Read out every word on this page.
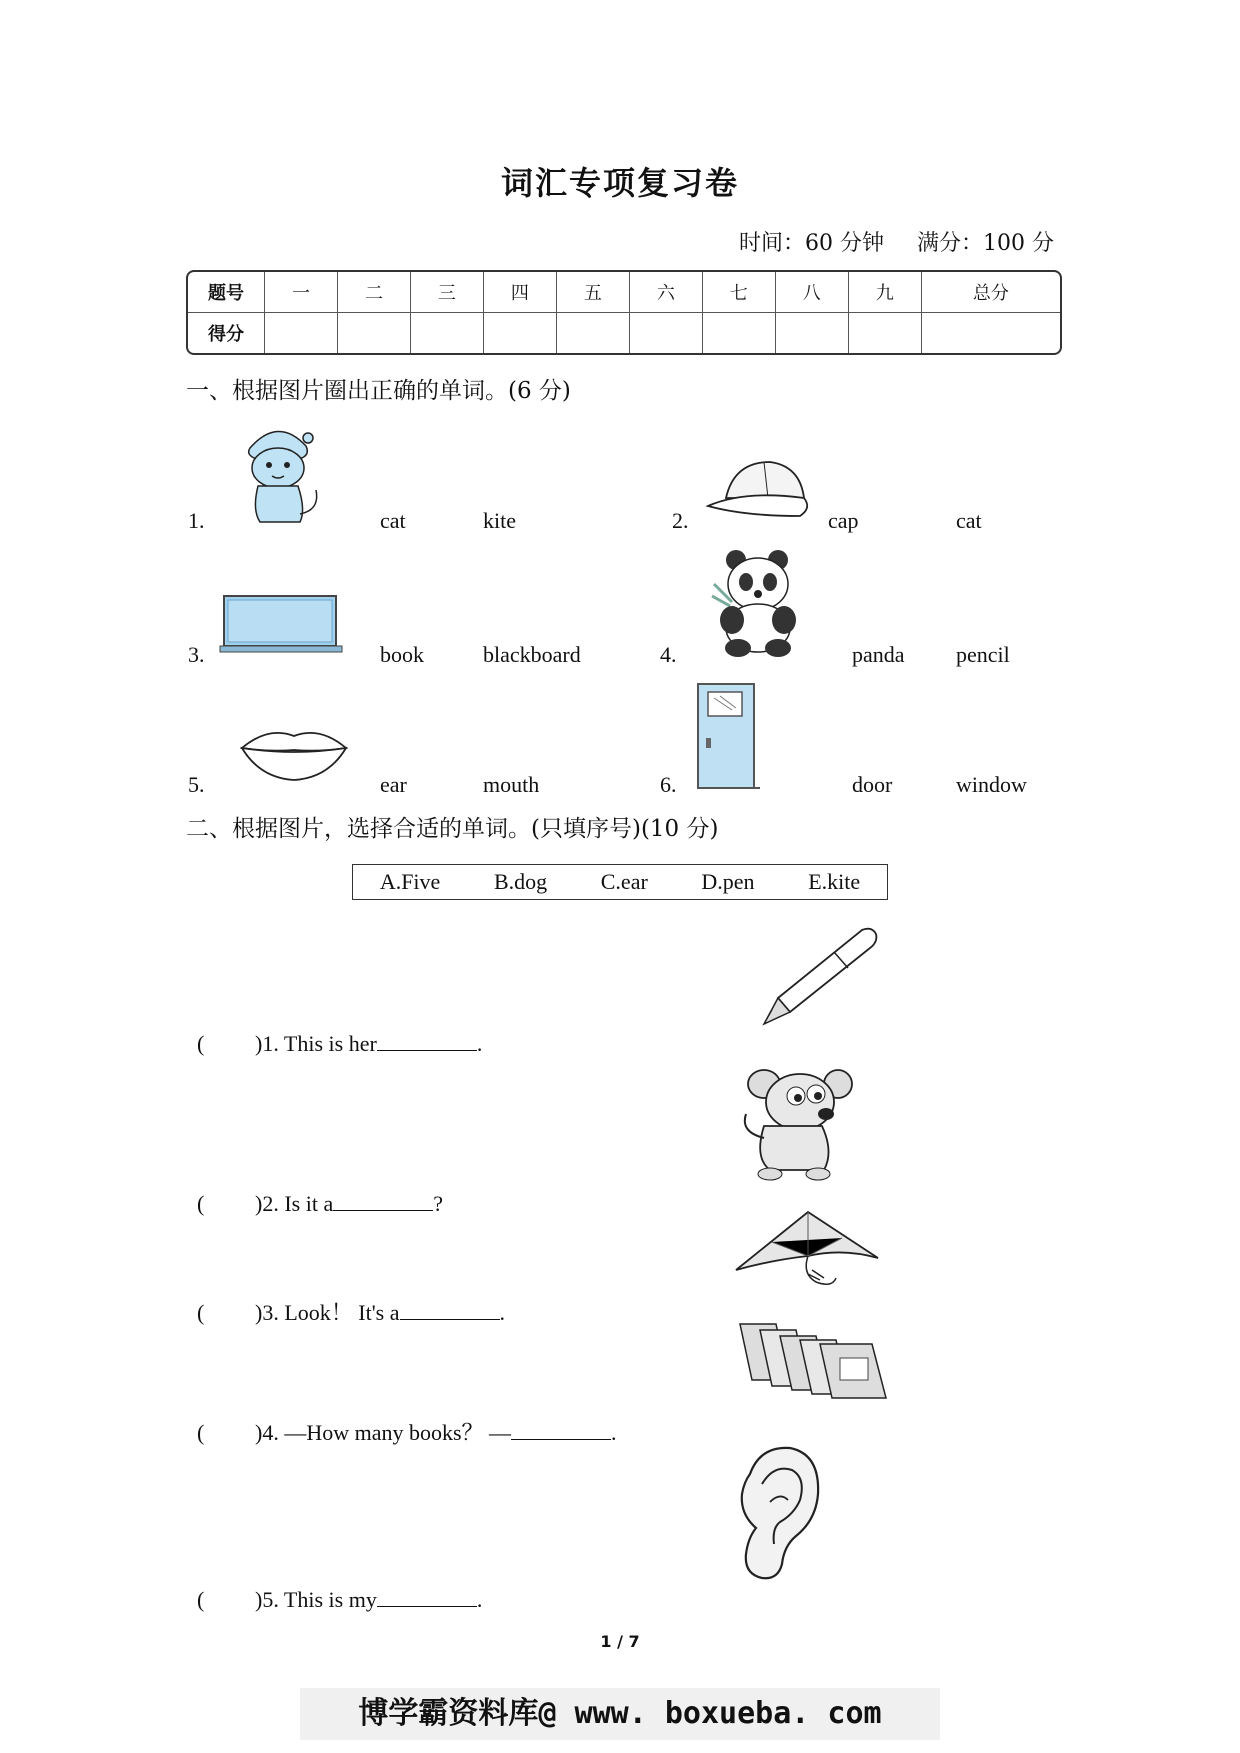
词汇专项复习卷
时间：60 分钟 满分：100 分
题号	一	二	三	四	五	六	七	八	九	总分
得分										
一、根据图片圈出正确的单词。(6 分)
1.	cat	kite	2.	cap	cat
3.	book	blackboard	4.	panda pencil
5.	ear	mouth	6.	door	window
二、根据图片，选择合适的单词。(只填序号)(10 分)
A.Five B.dog C.ear D.pen E.kite

( )1. This is her	.

( )2. Is it a	?

( )3. Look！ It's a	.

( )4. —How many books？ —	.

( )5. This is my	.

1 / 7
博学霸资料库@ www. boxueba. com
